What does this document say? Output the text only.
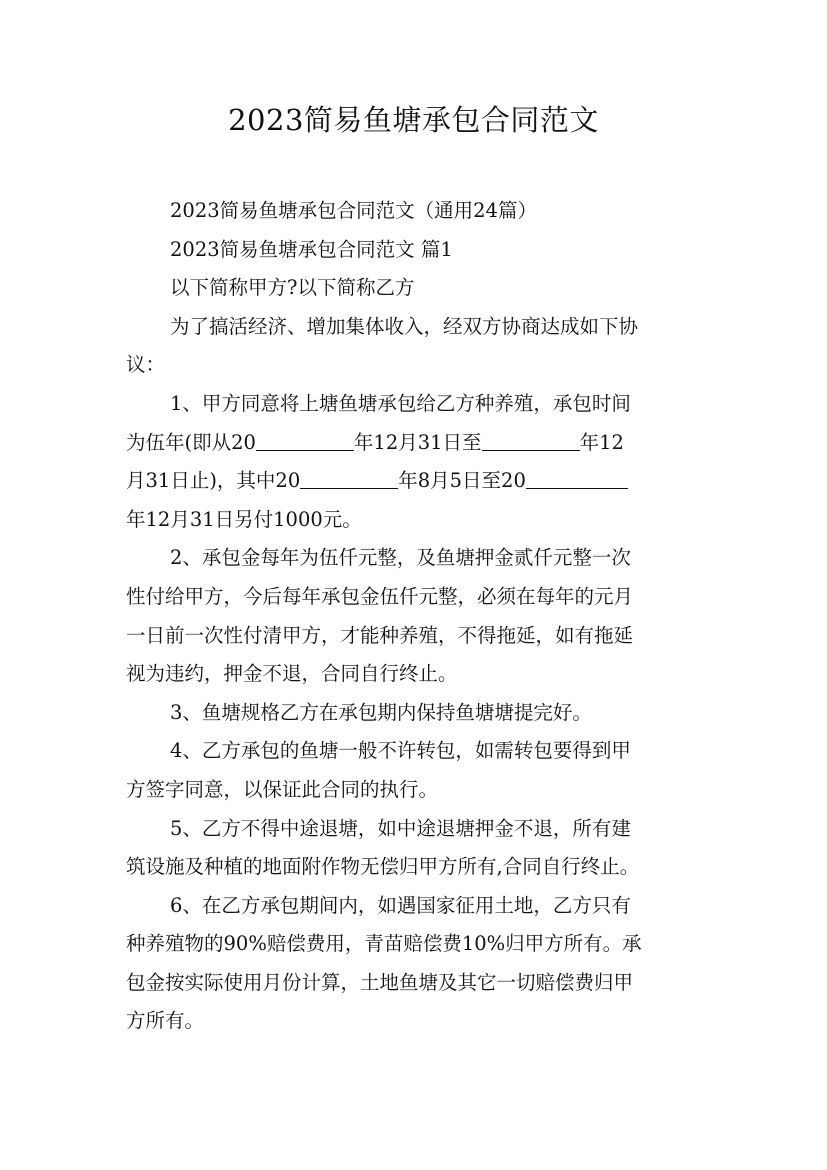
2023简易鱼塘承包合同范文
2023简易鱼塘承包合同范文（通用24篇）
2023简易鱼塘承包合同范文 篇1
以下简称甲方?以下简称乙方
为了搞活经济、增加集体收入，经双方协商达成如下协
议：
1、甲方同意将上塘鱼塘承包给乙方种养殖，承包时间
为伍年(即从20	年12月31日至	年12
月31日止)，其中20	年8月5日至20
年12月31日另付1000元。
2、承包金每年为伍仟元整，及鱼塘押金贰仟元整一次
性付给甲方，今后每年承包金伍仟元整，必须在每年的元月
一日前一次性付清甲方，才能种养殖，不得拖延，如有拖延
视为违约，押金不退，合同自行终止。
3、鱼塘规格乙方在承包期内保持鱼塘塘提完好。
4、乙方承包的鱼塘一般不许转包，如需转包要得到甲
方签字同意，以保证此合同的执行。
5、乙方不得中途退塘，如中途退塘押金不退，所有建
筑设施及种植的地面附作物无偿归甲方所有,合同自行终止。
6、在乙方承包期间内，如遇国家征用土地，乙方只有
种养殖物的90%赔偿费用，青苗赔偿费10%归甲方所有。承
包金按实际使用月份计算，土地鱼塘及其它一切赔偿费归甲
方所有。
